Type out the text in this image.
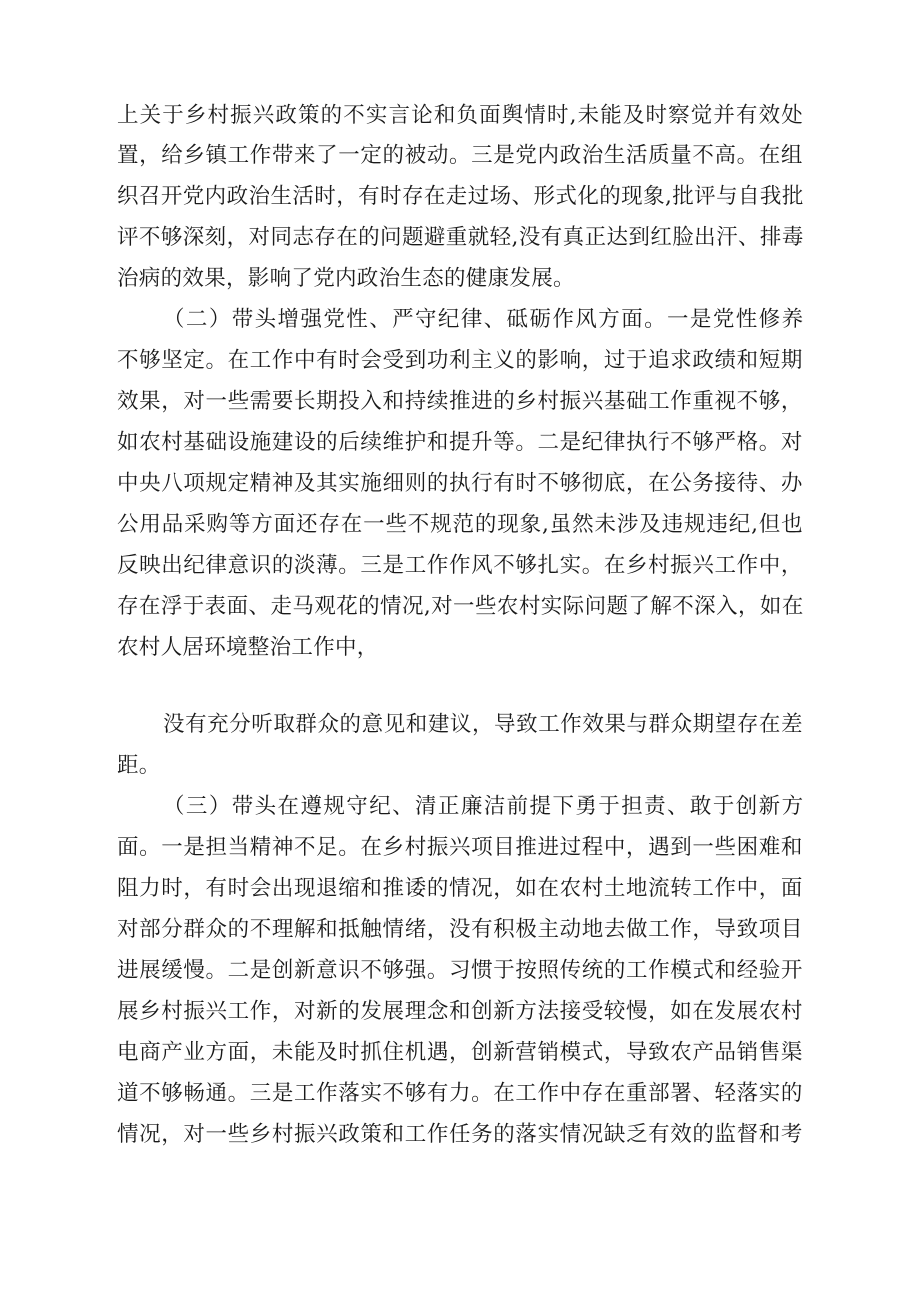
上关于乡村振兴政策的不实言论和负面舆情时,未能及时察觉并有效处
置，给乡镇工作带来了一定的被动。三是党内政治生活质量不高。在组
织召开党内政治生活时，有时存在走过场、形式化的现象,批评与自我批
评不够深刻，对同志存在的问题避重就轻,没有真正达到红脸出汗、排毒
治病的效果，影响了党内政治生态的健康发展。
（二）带头增强党性、严守纪律、砥砺作风方面。一是党性修养
不够坚定。在工作中有时会受到功利主义的影响，过于追求政绩和短期
效果，对一些需要长期投入和持续推进的乡村振兴基础工作重视不够，
如农村基础设施建设的后续维护和提升等。二是纪律执行不够严格。对
中央八项规定精神及其实施细则的执行有时不够彻底，在公务接待、办
公用品采购等方面还存在一些不规范的现象,虽然未涉及违规违纪,但也
反映出纪律意识的淡薄。三是工作作风不够扎实。在乡村振兴工作中，
存在浮于表面、走马观花的情况,对一些农村实际问题了解不深入，如在
农村人居环境整治工作中，
没有充分听取群众的意见和建议，导致工作效果与群众期望存在差
距。
（三）带头在遵规守纪、清正廉洁前提下勇于担责、敢于创新方
面。一是担当精神不足。在乡村振兴项目推进过程中，遇到一些困难和
阻力时，有时会出现退缩和推诿的情况，如在农村土地流转工作中，面
对部分群众的不理解和抵触情绪，没有积极主动地去做工作，导致项目
进展缓慢。二是创新意识不够强。习惯于按照传统的工作模式和经验开
展乡村振兴工作，对新的发展理念和创新方法接受较慢，如在发展农村
电商产业方面，未能及时抓住机遇，创新营销模式，导致农产品销售渠
道不够畅通。三是工作落实不够有力。在工作中存在重部署、轻落实的
情况，对一些乡村振兴政策和工作任务的落实情况缺乏有效的监督和考
